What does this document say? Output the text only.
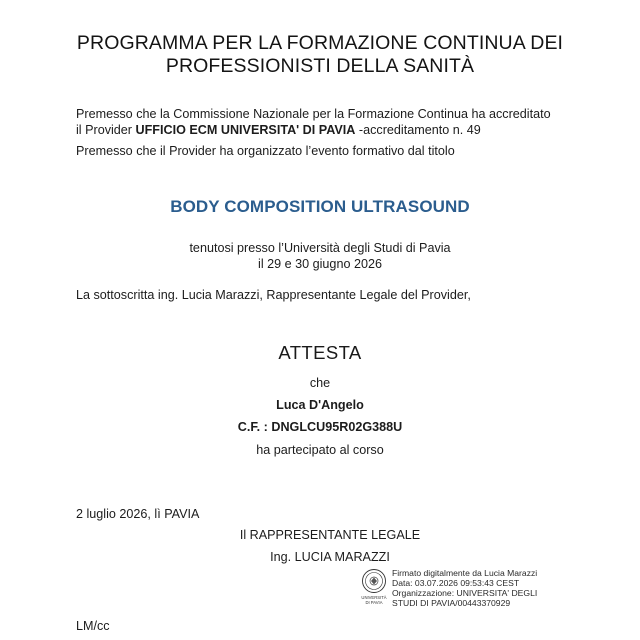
PROGRAMMA PER LA FORMAZIONE CONTINUA DEI
PROFESSIONISTI DELLA SANITÀ
Premesso che la Commissione Nazionale per la Formazione Continua ha accreditato
il Provider UFFICIO ECM UNIVERSITA' DI PAVIA -accreditamento n. 49
Premesso che il Provider ha organizzato l’evento formativo dal titolo
BODY COMPOSITION ULTRASOUND
tenutosi presso l’Università degli Studi di Pavia
il 29 e 30 giugno 2026
La sottoscritta ing. Lucia Marazzi, Rappresentante Legale del Provider,
ATTESTA
che
Luca D'Angelo
C.F. : DNGLCU95R02G388U
ha partecipato al corso
2 luglio 2026, lì PAVIA
Il RAPPRESENTANTE LEGALE
Ing. LUCIA MARAZZI
UNIVERSITÀ
DI PAVIA
Firmato digitalmente da Lucia Marazzi
Data: 03.07.2026 09:53:43 CEST
Organizzazione: UNIVERSITA' DEGLI
STUDI DI PAVIA/00443370929
LM/cc
